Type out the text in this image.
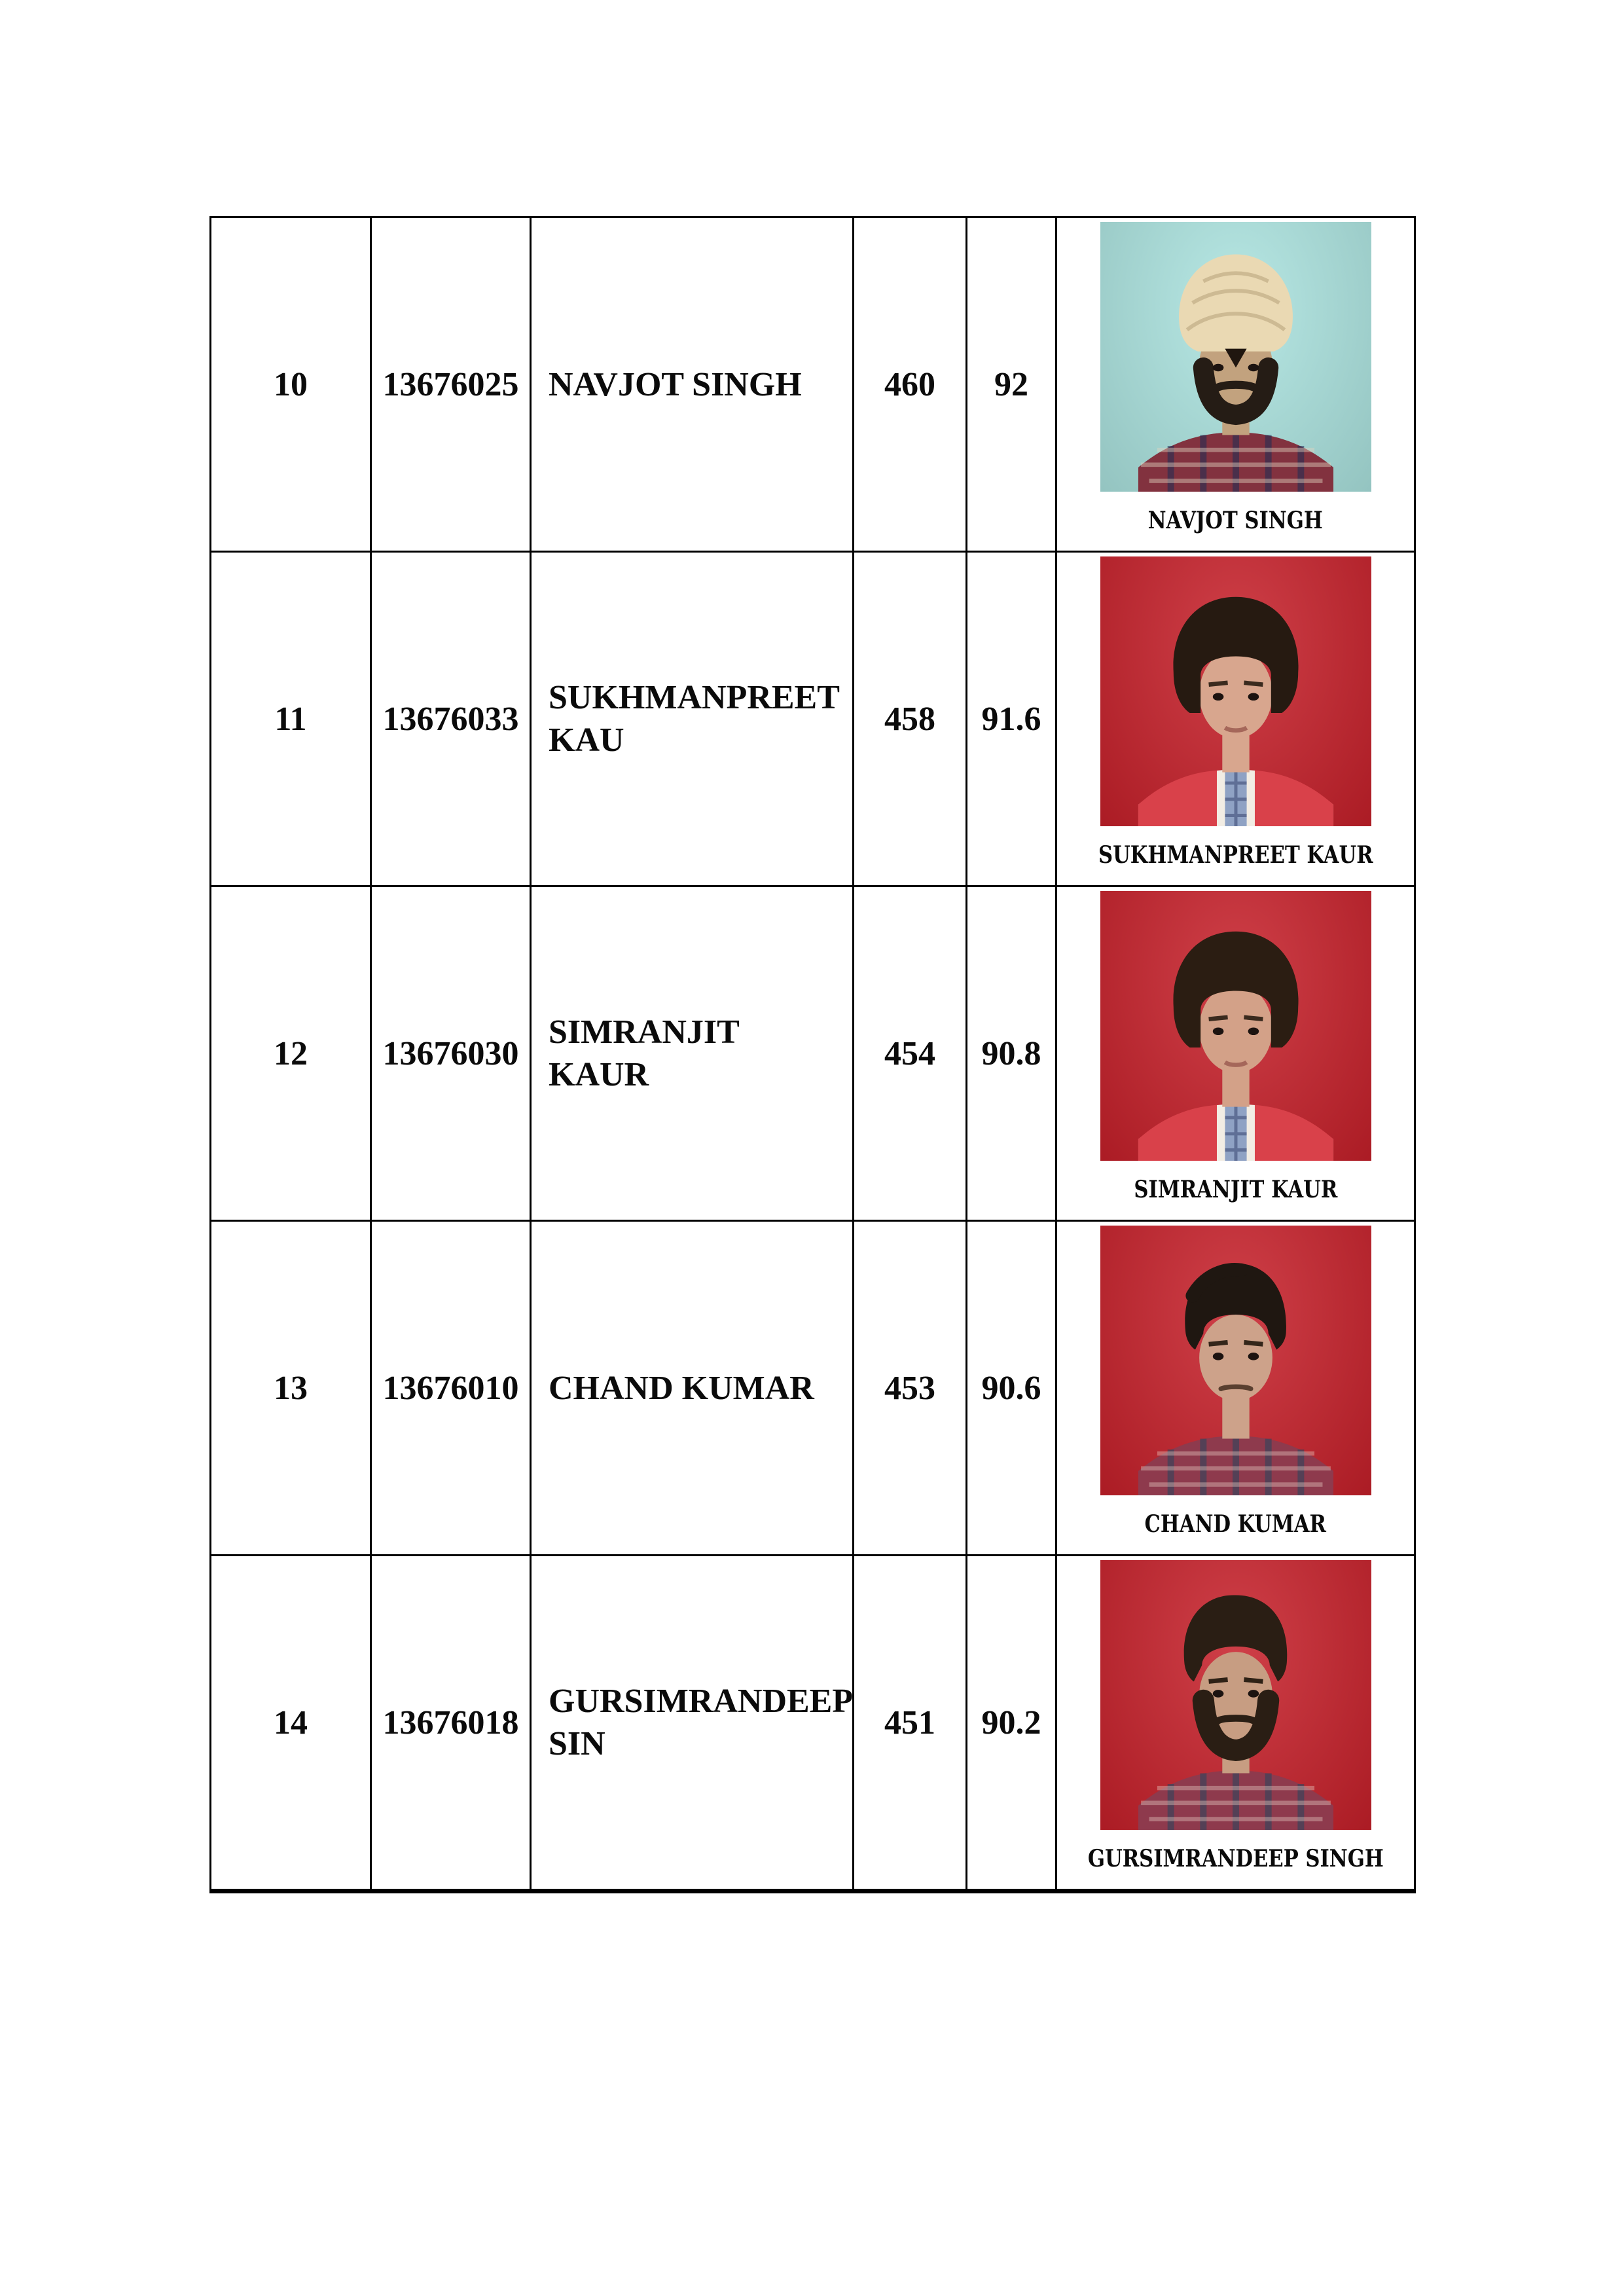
10	13676025	NAVJOT SINGH	460	92	NAVJOT SINGH
11	13676033	SUKHMANPREET KAU	458	91.6	SUKHMANPREET KAUR
12	13676030	SIMRANJIT KAUR	454	90.8	SIMRANJIT KAUR
13	13676010	CHAND KUMAR	453	90.6	CHAND KUMAR
14	13676018	GURSIMRANDEEP SIN	451	90.2	GURSIMRANDEEP SINGH
